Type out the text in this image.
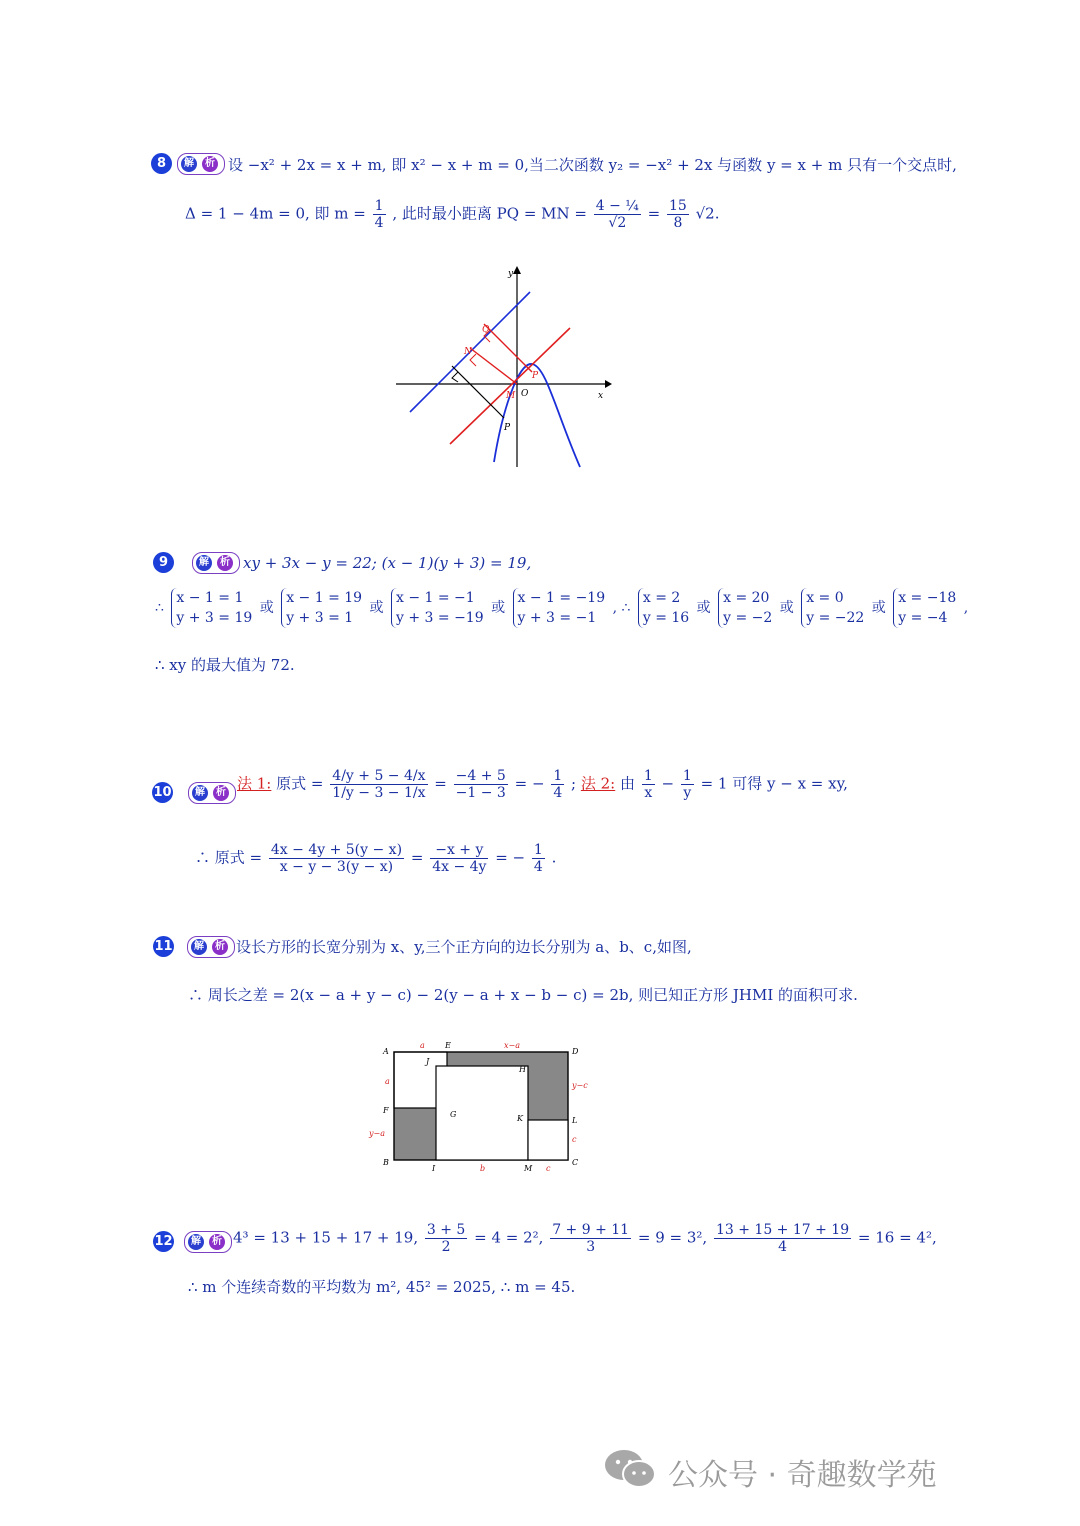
8	解	析 设 −x² + 2x = x + m, 即 x² − x + m = 0,当二次函数 y₂ = −x² + 2x 与函数 y = x + m 只有一个交点时,
Δ = 1 − 4m = 0, 即 $m = \frac{1}{4}$ , 此时最小距离 PQ = MN = $\frac{\text{4 − ¼}}{√2} = \frac{15}{8} √2$.
y
x
O
Q
N
M
P
P
9	解	析 xy + 3x − y = 22; (x − 1)(y + 3) = 19,
∴
x − 1 = 1
y + 3 = 19
或
x − 1 = 19
y + 3 = 1
或
x − 1 = −1
y + 3 = −19
或
x − 1 = −19
y + 3 = −1
, ∴
x = 2
y = 16
或
x = 20
y = −2
或
x = 0
y = −22
或
x = −18
y = −4
,
∴ xy 的最大值为 72.
10	解	析 法 1: 原式 = $\frac{4/y + 5 - 4/x}{1/y - 3 - 1/x} = \frac{-4 + 5}{-1 - 3}$ = − $\frac{1}{4}$ ; 法 2: 由 $\frac{1}{x} - \frac{1}{y} = 1$ 可得 y − x = xy,
∴ 原式 = $\frac{4x - 4y + 5(y - x)}{x - y - 3(y - x)} = \frac{-x + y}{4x - 4y}$ = − $\frac{1}{4}$ .
11	解	析 设长方形的长宽分别为 x、y,三个正方向的边长分别为 a、b、c,如图,
∴ 周长之差 = 2(x − a + y − c) − 2(y − a + x − b − c) = 2b, 则已知正方形 JHMI 的面积可求.
A
E
D
J
H
F	G	K	L
B
I	M
C
a	x−a
a
y−a
y−c
c
b	c
12	解	析 4³ = 13 + 15 + 17 + 19, $\frac{3 + 5}{2} = 4 = 2^2$, $\frac{7 + 9 + 11}{3} = 9 = 3^2$, $\frac{13 + 15 + 17 + 19}{4} = 16 = 4^2$,
∴ m 个连续奇数的平均数为 m², 45² = 2025, ∴ m = 45.
公众号 · 奇趣数学苑
